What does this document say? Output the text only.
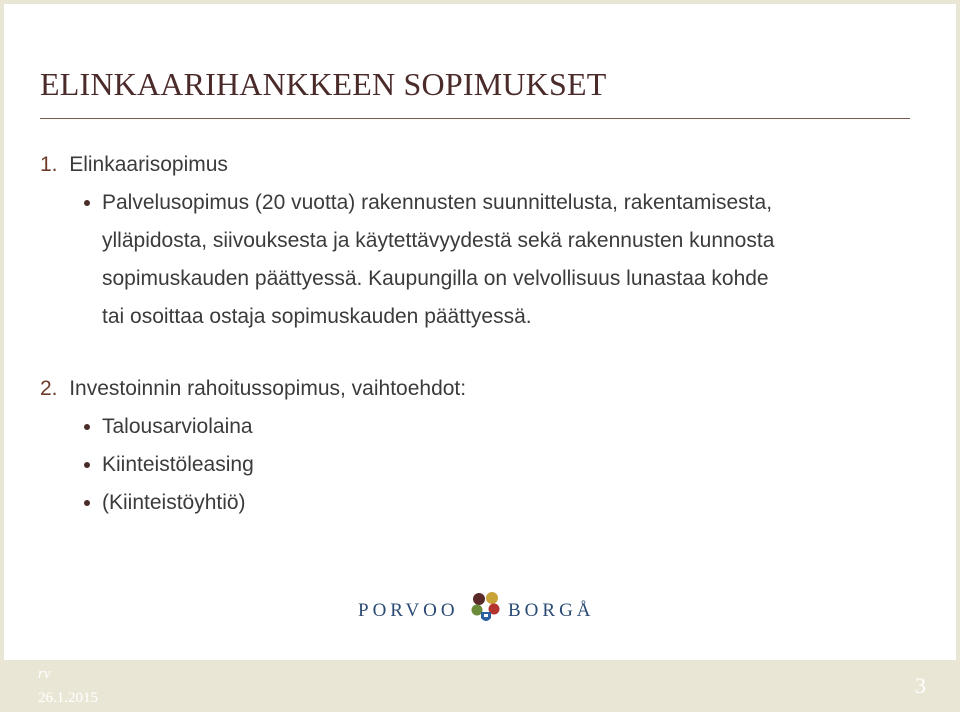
ELINKAARIHANKKEEN SOPIMUKSET
1. Elinkaarisopimus
Palvelusopimus (20 vuotta) rakennusten suunnittelusta, rakentamisesta,
ylläpidosta, siivouksesta ja käytettävyydestä sekä rakennusten kunnosta
sopimuskauden päättyessä. Kaupungilla on velvollisuus lunastaa kohde
tai osoittaa ostaja sopimuskauden päättyessä.
2. Investoinnin rahoitussopimus, vaihtoehdot:
Talousarviolaina
Kiinteistöleasing
(Kiinteistöyhtiö)
PORVOO	BORGÅ
rv
26.1.2015	3
